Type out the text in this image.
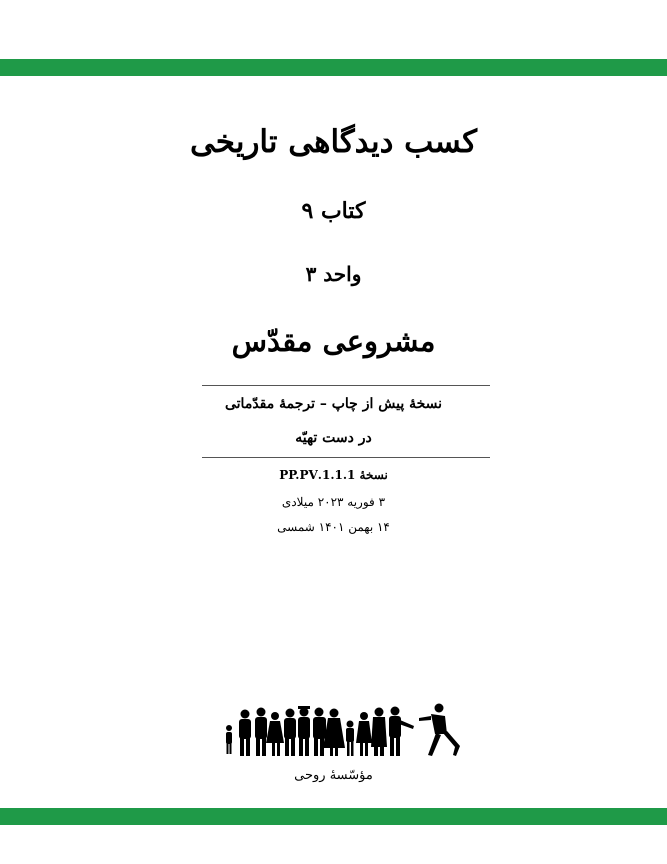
کسب دیدگاهی تاریخی
کتاب ۹
واحد ۳
مشروعی مقدّس
نسخهٔ پیش از چاپ – ترجمهٔ مقدّماتی
در دست تهیّه
نسخهٔ 1.1.1.PP.PV
۳ فوریه ۲۰۲۳ میلادی
۱۴ بهمن ۱۴۰۱ شمسی
مؤسّسهٔ روحی
